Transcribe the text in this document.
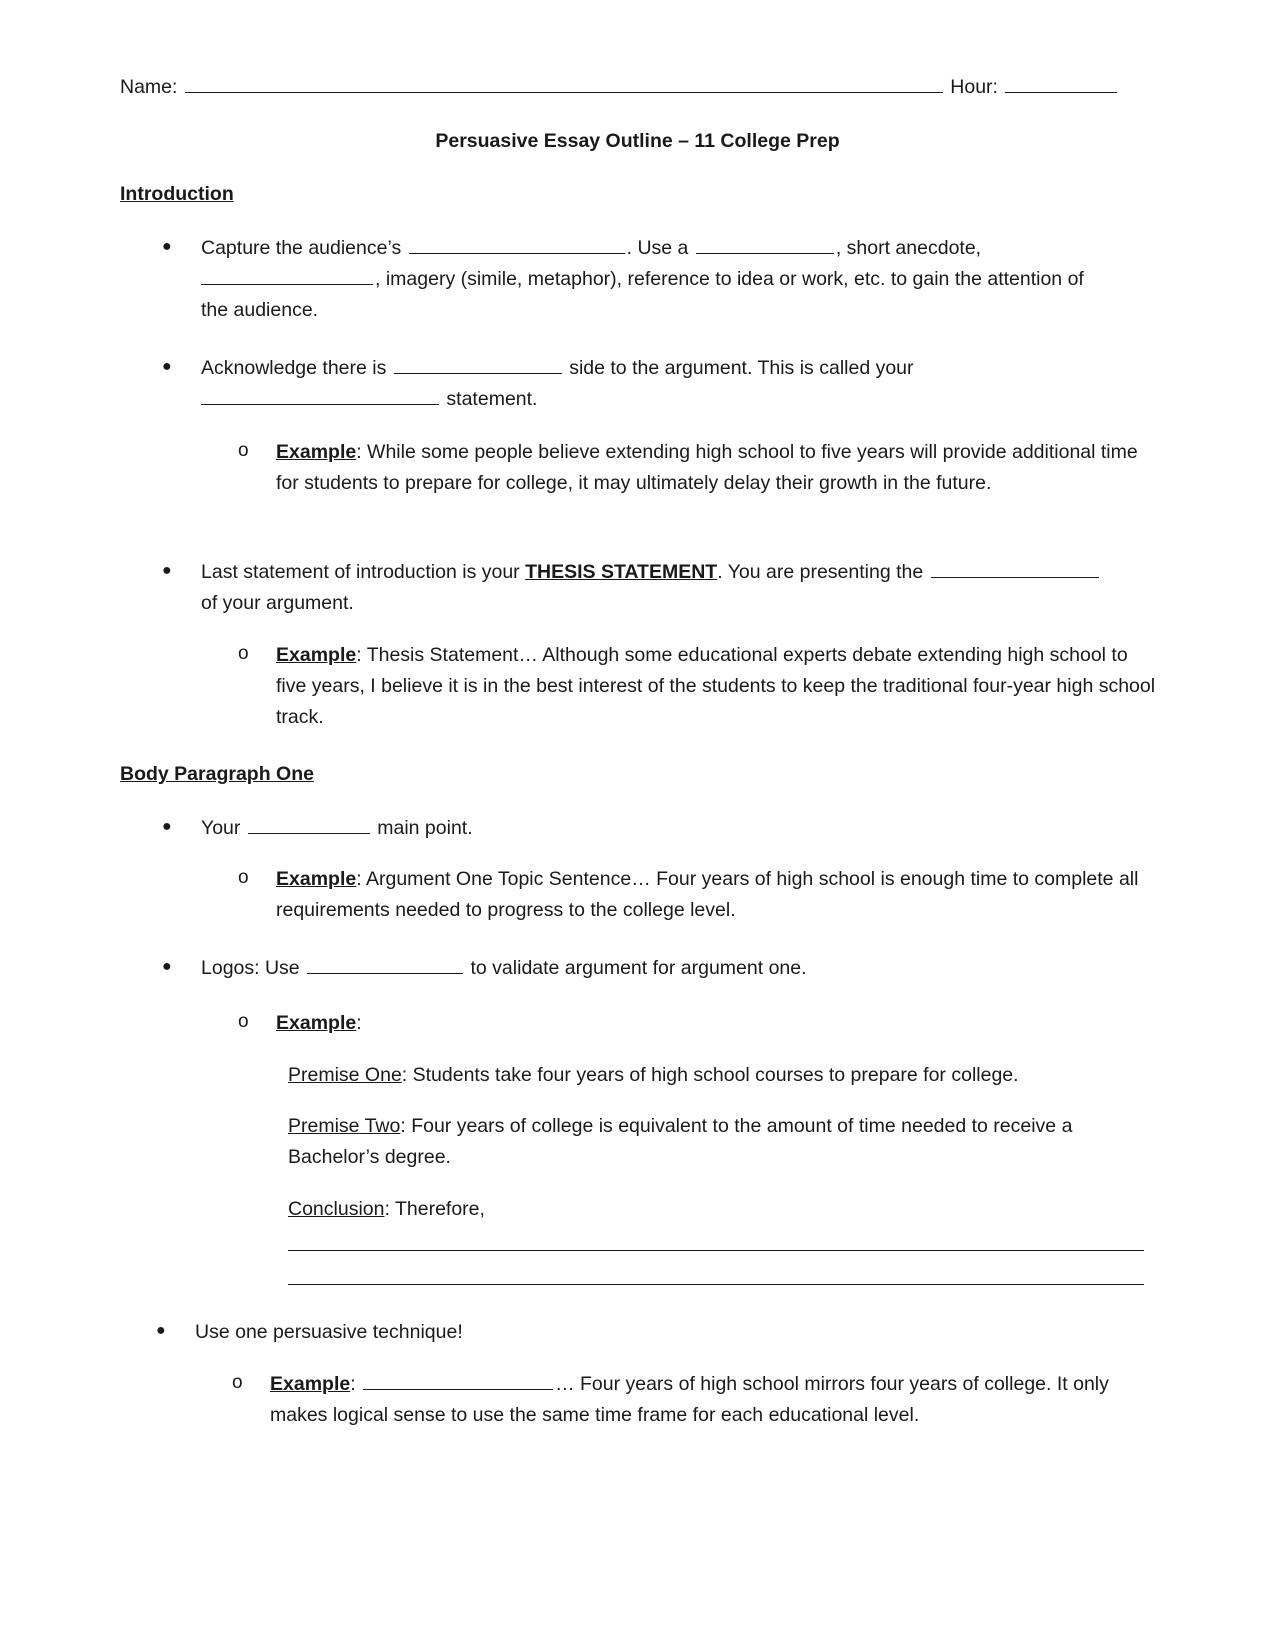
Name:	Hour:
Persuasive Essay Outline – 11 College Prep
Introduction
● Capture the audience’s	. Use a	, short anecdote,
, imagery (simile, metaphor), reference to idea or work, etc. to gain the attention of
the audience.
● Acknowledge there is	side to the argument. This is called your
statement.
o Example: While some people believe extending high school to five years will provide additional time for students to prepare for college, it may ultimately delay their growth in the future.
● Last statement of introduction is your THESIS STATEMENT. You are presenting the
of your argument.
o Example: Thesis Statement… Although some educational experts debate extending high school to five years, I believe it is in the best interest of the students to keep the traditional four-year high school track.
Body Paragraph One
● Your	main point.
o Example: Argument One Topic Sentence… Four years of high school is enough time to complete all requirements needed to progress to the college level.
● Logos: Use	to validate argument for argument one.
o Example:
Premise One: Students take four years of high school courses to prepare for college.
Premise Two: Four years of college is equivalent to the amount of time needed to receive a Bachelor’s degree.
Conclusion: Therefore,
● Use one persuasive technique!
o Example:	… Four years of high school mirrors four years of college. It only makes logical sense to use the same time frame for each educational level.
